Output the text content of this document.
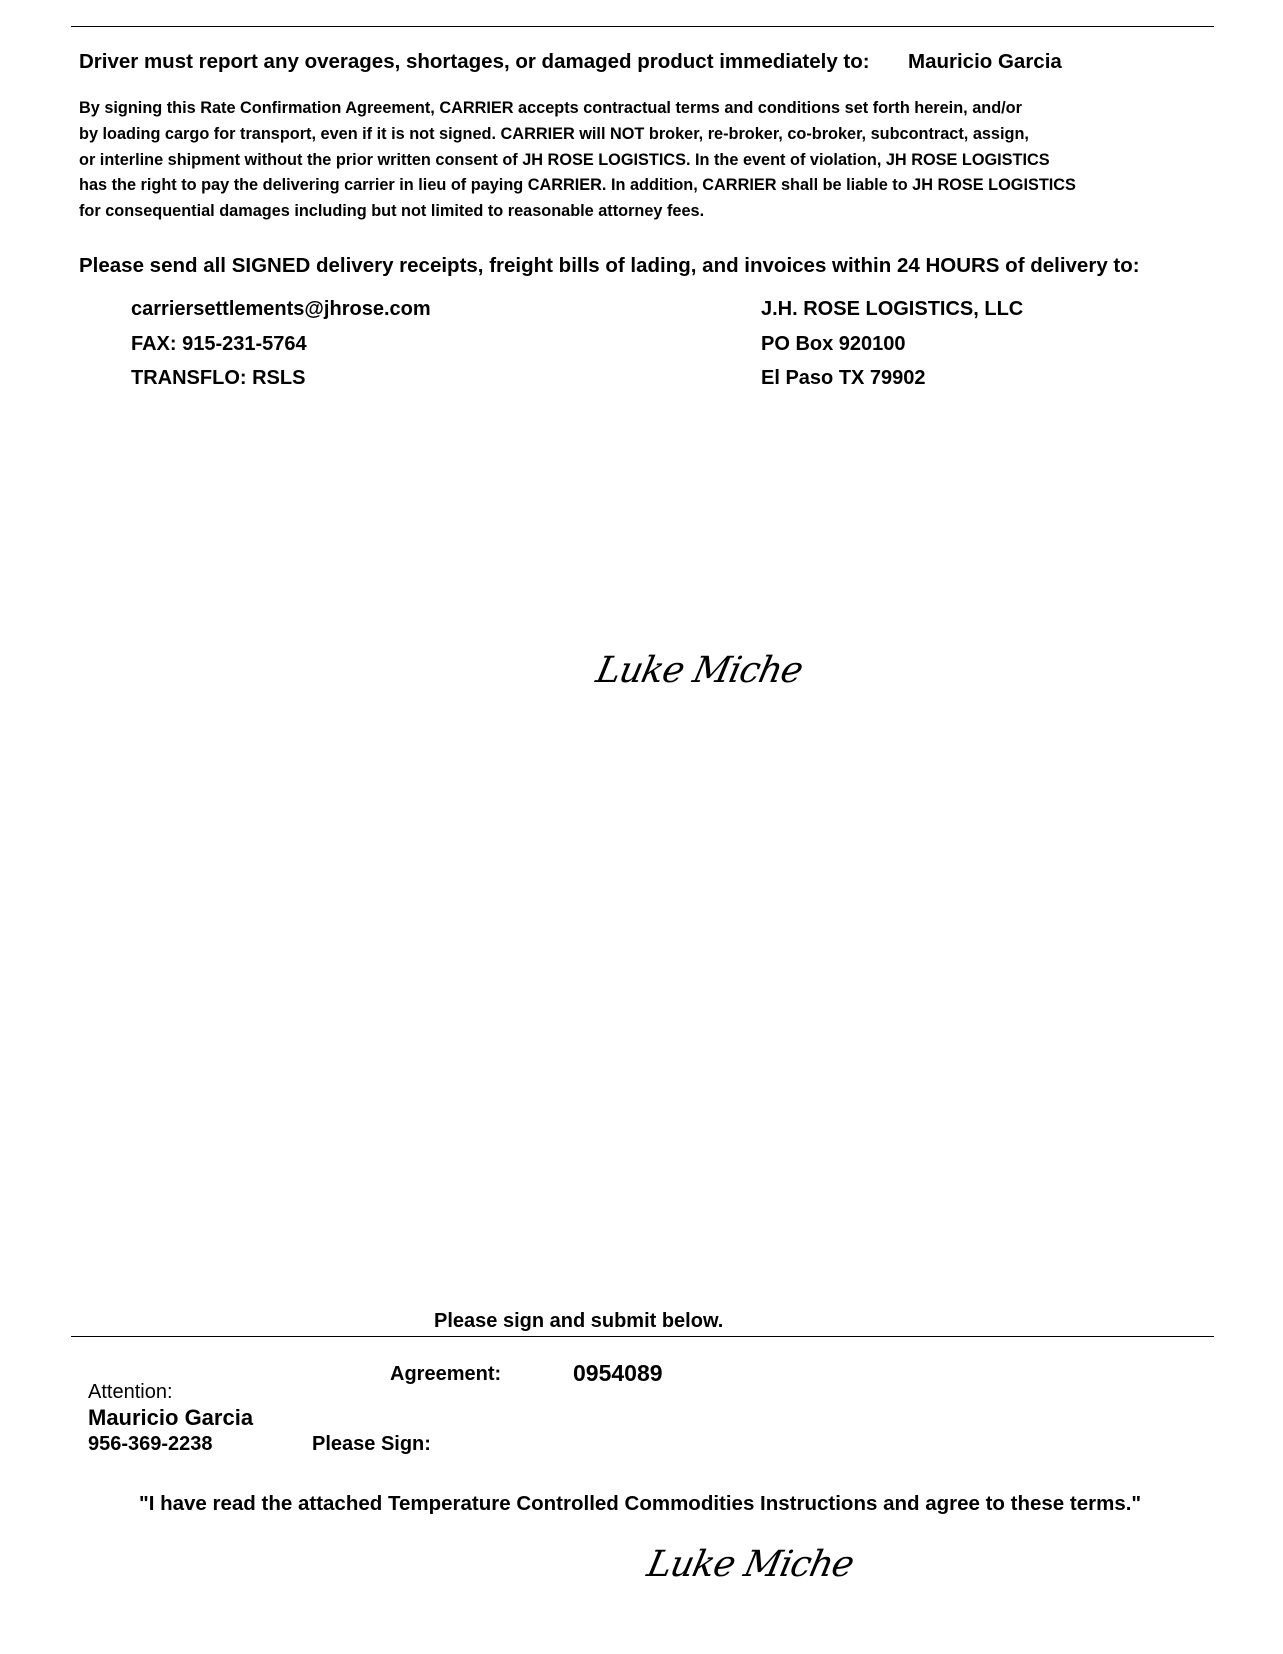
Driver must report any overages, shortages, or damaged product immediately to: Mauricio Garcia
By signing this Rate Confirmation Agreement, CARRIER accepts contractual terms and conditions set forth herein, and/or
by loading cargo for transport, even if it is not signed. CARRIER will NOT broker, re-broker, co-broker, subcontract, assign,
or interline shipment without the prior written consent of JH ROSE LOGISTICS. In the event of violation, JH ROSE LOGISTICS
has the right to pay the delivering carrier in lieu of paying CARRIER. In addition, CARRIER shall be liable to JH ROSE LOGISTICS
for consequential damages including but not limited to reasonable attorney fees.
Please send all SIGNED delivery receipts, freight bills of lading, and invoices within 24 HOURS of delivery to:
carriersettlements@jhrose.com
FAX: 915-231-5764
TRANSFLO: RSLS
J.H. ROSE LOGISTICS, LLC
PO Box 920100
El Paso TX 79902
Luke Miche
Please sign and submit below.
Agreement:	0954089
Attention:
Mauricio Garcia
956-369-2238	Please Sign:
"I have read the attached Temperature Controlled Commodities Instructions and agree to these terms."
Luke Miche
